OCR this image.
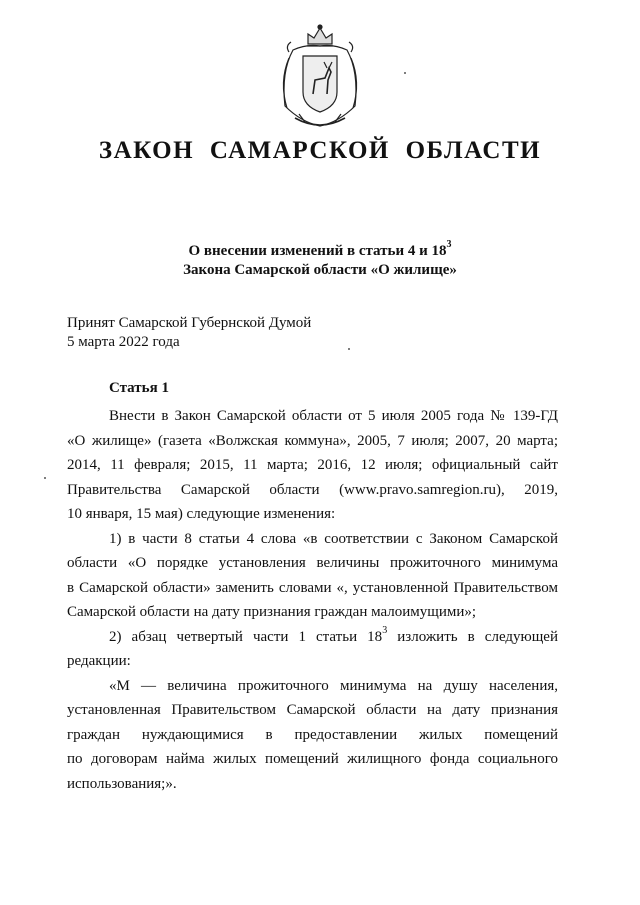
ЗАКОН САМАРСКОЙ ОБЛАСТИ
О внесении изменений в статьи 4 и $18^3$
Закона Самарской области «О жилище»
Принят Самарской Губернской Думой
5 марта 2022 года
Статья 1
Внести в Закон Самарской области от 5 июля 2005 года № 139-ГД
«О жилище» (газета «Волжская коммуна», 2005, 7 июля; 2007, 20 марта;
2014, 11 февраля; 2015, 11 марта; 2016, 12 июля; официальный сайт
Правительства Самарской области (www.pravo.samregion.ru), 2019,
10 января, 15 мая) следующие изменения:
1) в части 8 статьи 4 слова «в соответствии с Законом Самарской
области «О порядке установления величины прожиточного минимума
в Самарской области» заменить словами «, установленной Правительством
Самарской области на дату признания граждан малоимущими»;
2) абзац четвертый части 1 статьи $18^3$ изложить в следующей
редакции:
«М — величина прожиточного минимума на душу населения,
установленная Правительством Самарской области на дату признания
граждан нуждающимися в предоставлении жилых помещений
по договорам найма жилых помещений жилищного фонда социального
использования;».
